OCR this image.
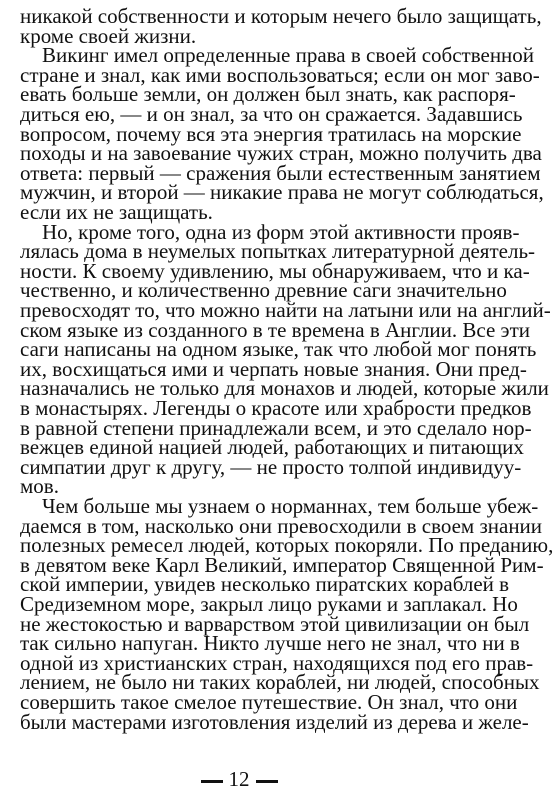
никакой собственности и которым нечего было защищать,
кроме своей жизни.
Викинг имел определенные права в своей собственной
стране и знал, как ими воспользоваться; если он мог заво-
евать больше земли, он должен был знать, как распоря-
диться ею, — и он знал, за что он сражается. Задавшись
вопросом, почему вся эта энергия тратилась на морские
походы и на завоевание чужих стран, можно получить два
ответа: первый — сражения были естественным занятием
мужчин, и второй — никакие права не могут соблюдаться,
если их не защищать.
Но, кроме того, одна из форм этой активности прояв-
лялась дома в неумелых попытках литературной деятель-
ности. К своему удивлению, мы обнаруживаем, что и ка-
чественно, и количественно древние саги значительно
превосходят то, что можно найти на латыни или на англий-
ском языке из созданного в те времена в Англии. Все эти
саги написаны на одном языке, так что любой мог понять
их, восхищаться ими и черпать новые знания. Они пред-
назначались не только для монахов и людей, которые жили
в монастырях. Легенды о красоте или храбрости предков
в равной степени принадлежали всем, и это сделало нор-
вежцев единой нацией людей, работающих и питающих
симпатии друг к другу, — не просто толпой индивидуу-
мов.
Чем больше мы узнаем о норманнах, тем больше убеж-
даемся в том, насколько они превосходили в своем знании
полезных ремесел людей, которых покоряли. По преданию,
в девятом веке Карл Великий, император Священной Рим-
ской империи, увидев несколько пиратских кораблей в
Средиземном море, закрыл лицо руками и заплакал. Но
не жестокостью и варварством этой цивилизации он был
так сильно напуган. Никто лучше него не знал, что ни в
одной из христианских стран, находящихся под его прав-
лением, не было ни таких кораблей, ни людей, способных
совершить такое смелое путешествие. Он знал, что они
были мастерами изготовления изделий из дерева и желе-
12
